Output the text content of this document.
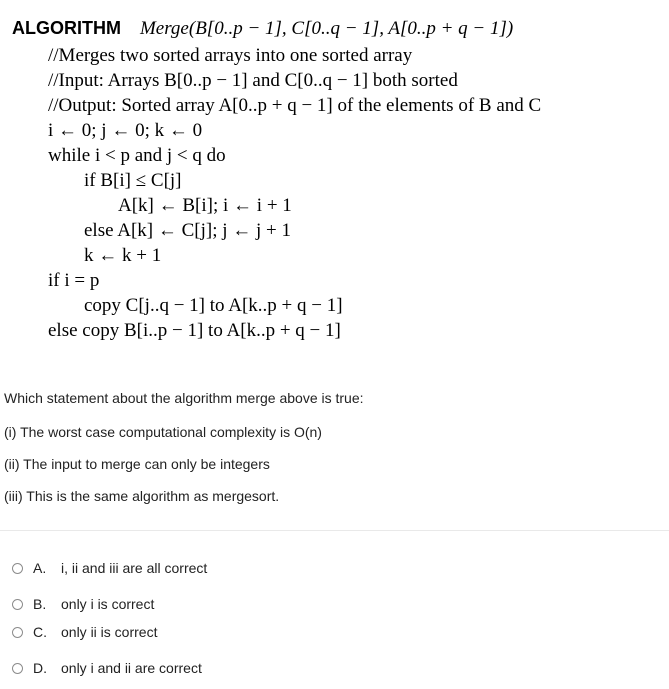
ALGORITHM Merge(B[0..p − 1], C[0..q − 1], A[0..p + q − 1])
//Merges two sorted arrays into one sorted array
//Input: Arrays B[0..p − 1] and C[0..q − 1] both sorted
//Output: Sorted array A[0..p + q − 1] of the elements of B and C
i ← 0; j ← 0; k ← 0
while i < p and j < q do
if B[i] ≤ C[j]
A[k] ← B[i]; i ← i + 1
else A[k] ← C[j]; j ← j + 1
k ← k + 1
if i = p
copy C[j..q − 1] to A[k..p + q − 1]
else copy B[i..p − 1] to A[k..p + q − 1]
Which statement about the algorithm merge above is true:
(i) The worst case computational complexity is O(n)
(ii) The input to merge can only be integers
(iii) This is the same algorithm as mergesort.
A.	i, ii and iii are all correct
B.	only i is correct
C.	only ii is correct
D.	only i and ii are correct
